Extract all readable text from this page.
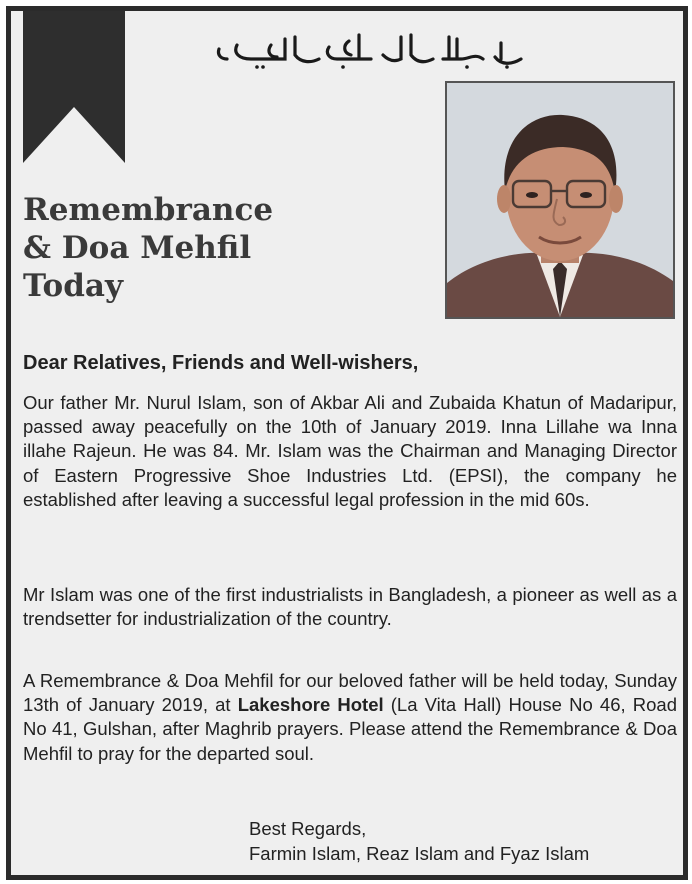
بِسْمِ اللهِ الرَّحْمٰنِ الرَّحِيْمِ
Remembrance
& Doa Mehfil
Today

Dear Relatives, Friends and Well-wishers,

Our father Mr. Nurul Islam, son of Akbar Ali and Zubaida Khatun of Madaripur, passed away peacefully on the 10th of January 2019. Inna Lillahe wa Inna illahe Rajeun. He was 84. Mr. Islam was the Chairman and Managing Director of Eastern Progressive Shoe Industries Ltd. (EPSI), the company he established after leaving a successful legal profession in the mid 60s.

Mr Islam was one of the first industrialists in Bangladesh, a pioneer as well as a trendsetter for industrialization of the country.

A Remembrance & Doa Mehfil for our beloved father will be held today, Sunday 13th of January 2019, at Lakeshore Hotel (La Vita Hall) House No 46, Road No 41, Gulshan, after Maghrib prayers. Please attend the Remembrance & Doa Mehfil to pray for the departed soul.

Best Regards,
Farmin Islam, Reaz Islam and Fyaz Islam
